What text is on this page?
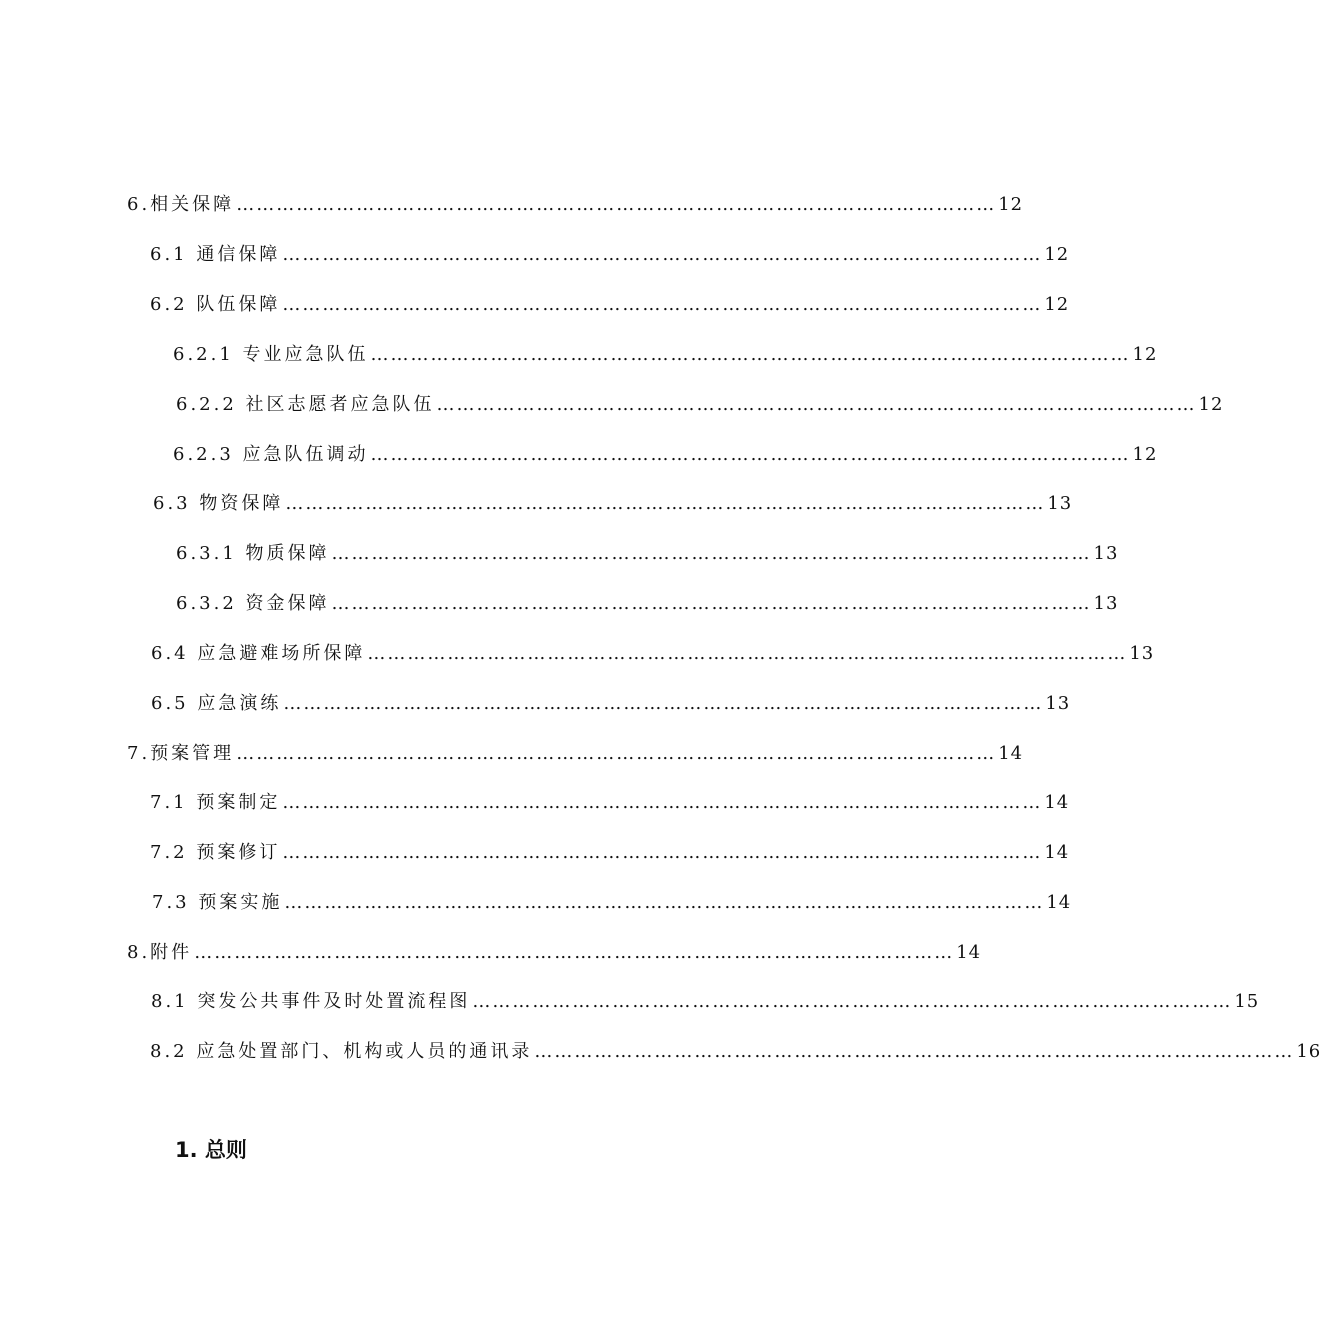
6.相关保障 …………………………………………………………………………………………………… 12
6.1 通信保障 …………………………………………………………………………………………………… 12
6.2 队伍保障 …………………………………………………………………………………………………… 12
6.2.1 专业应急队伍 …………………………………………………………………………………………………… 12
6.2.2 社区志愿者应急队伍 …………………………………………………………………………………………………… 12
6.2.3 应急队伍调动 …………………………………………………………………………………………………… 12
6.3 物资保障 …………………………………………………………………………………………………… 13
6.3.1 物质保障 …………………………………………………………………………………………………… 13
6.3.2 资金保障 …………………………………………………………………………………………………… 13
6.4 应急避难场所保障 …………………………………………………………………………………………………… 13
6.5 应急演练 …………………………………………………………………………………………………… 13
7.预案管理 …………………………………………………………………………………………………… 14
7.1 预案制定 …………………………………………………………………………………………………… 14
7.2 预案修订 …………………………………………………………………………………………………… 14
7.3 预案实施 …………………………………………………………………………………………………… 14
8.附件 …………………………………………………………………………………………………… 14
8.1 突发公共事件及时处置流程图 …………………………………………………………………………………………………… 15
8.2 应急处置部门、机构或人员的通讯录 …………………………………………………………………………………………………… 16
1. 总则
